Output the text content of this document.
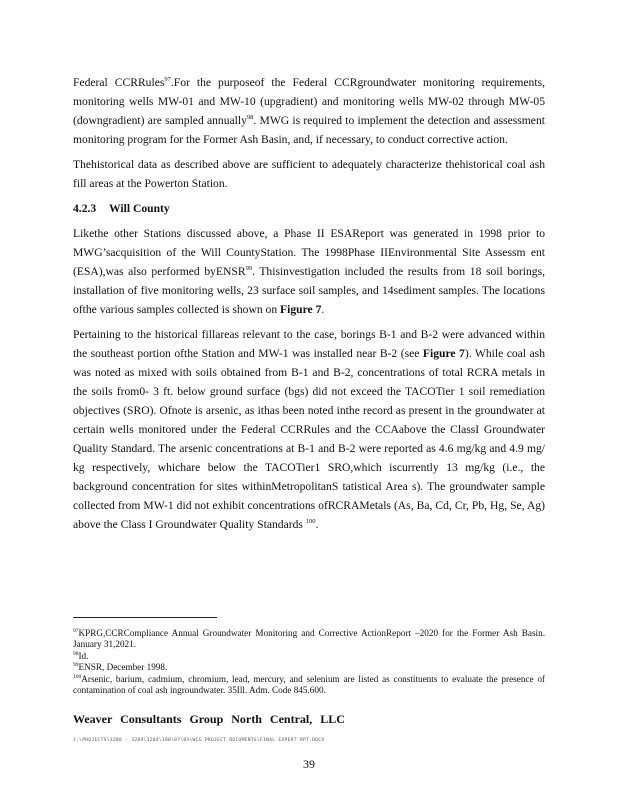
Federal CCRRules$^{97}$.For the purposeof the Federal CCRgroundwater monitoring requirements, monitoring wells MW-01 and MW-10 (upgradient) and monitoring wells MW-02 through MW-05 (downgradient) are sampled annually$^{98}$. MWG is required to implement the detection and assessment monitoring program for the Former Ash Basin, and, if necessary, to conduct corrective action.

Thehistorical data as described above are sufficient to adequately characterize thehistorical coal ash fill areas at the Powerton Station.

4.2.3 Will County

Likethe other Stations discussed above, a Phase II ESAReport was generated in 1998 prior to MWG’sacquisition of the Will CountyStation. The 1998Phase IIEnvironmental Site Assessm ent (ESA),was also performed byENSR$^{99}$. Thisinvestigation included the results from 18 soil borings, installation of five monitoring wells, 23 surface soil samples, and 14sediment samples. The locations ofthe various samples collected is shown on Figure 7.

Pertaining to the historical fillareas relevant to the case, borings B-1 and B-2 were advanced within the southeast portion ofthe Station and MW-1 was installed near B-2 (see Figure 7). While coal ash was noted as mixed with soils obtained from B-1 and B-2, concentrations of total RCRA metals in the soils from0- 3 ft. below ground surface (bgs) did not exceed the TACOTier 1 soil remediation objectives (SRO). Ofnote is arsenic, as ithas been noted inthe record as present in the groundwater at certain wells monitored under the Federal CCRRules and the CCAabove the ClassI Groundwater Quality Standard. The arsenic concentrations at B-1 and B-2 were reported as 4.6 mg/kg and 4.9 mg/ kg respectively, whichare below the TACOTier1 SRO,which iscurrently 13 mg/kg (i.e., the background concentration for sites withinMetropolitanS tatistical Area s). The groundwater sample collected from MW-1 did not exhibit concentrations ofRCRAMetals (As, Ba, Cd, Cr, Pb, Hg, Se, Ag) above the Class I Groundwater Quality Standards $^{100}$.

$^{97}$KPRG,CCRCompliance Annual Groundwater Monitoring and Corrective ActionReport –2020 for the Former Ash Basin. January 31,2021.

$^{98}$Id.

$^{99}$ENSR, December 1998.

$^{100}$Arsenic, barium, cadmium, chromium, lead, mercury, and selenium are listed as constituents to evaluate the presence of contamination of coal ash ingroundwater. 35Ill. Adm. Code 845.600.

Weaver Consultants Group North Central, LLC
J:\PROJECTS\3280 - 3289\3284\188\07\03\WCG PROJECT DOCUMENTS\FINAL EXPERT RPT.DOCX
39
